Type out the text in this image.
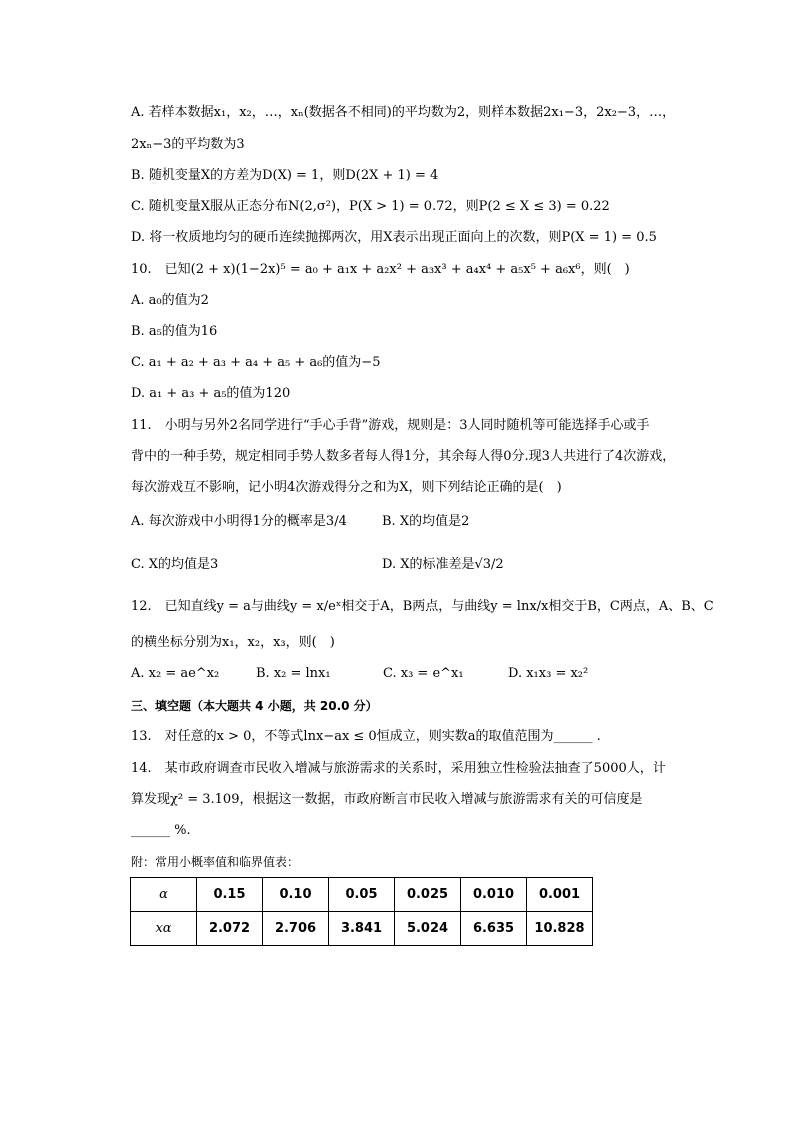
A. 若样本数据x₁，x₂，…，xₙ(数据各不相同)的平均数为2，则样本数据2x₁−3，2x₂−3，…，
2xₙ−3的平均数为3
B. 随机变量X的方差为D(X) = 1，则D(2X + 1) = 4
C. 随机变量X服从正态分布N(2,σ²)，P(X > 1) = 0.72，则P(2 ≤ X ≤ 3) = 0.22
D. 将一枚质地均匀的硬币连续抛掷两次，用X表示出现正面向上的次数，则P(X = 1) = 0.5
10.　已知(2 + x)(1−2x)⁵ = a₀ + a₁x + a₂x² + a₃x³ + a₄x⁴ + a₅x⁵ + a₆x⁶，则(　)
A. a₀的值为2
B. a₅的值为16
C. a₁ + a₂ + a₃ + a₄ + a₅ + a₆的值为−5
D. a₁ + a₃ + a₅的值为120
11.　小明与另外2名同学进行“手心手背”游戏，规则是：3人同时随机等可能选择手心或手
背中的一种手势，规定相同手势人数多者每人得1分，其余每人得0分.现3人共进行了4次游戏，
每次游戏互不影响，记小明4次游戏得分之和为X，则下列结论正确的是(　)
A. 每次游戏中小明得1分的概率是3/4	B. X的均值是2
C. X的均值是3	D. X的标准差是√3/2
12.　已知直线y = a与曲线y = x/eˣ相交于A，B两点，与曲线y = lnx/x相交于B，C两点，A、B、C
的横坐标分别为x₁，x₂，x₃，则(　)
A. x₂ = ae^x₂	B. x₂ = lnx₁	C. x₃ = e^x₁	D. x₁x₃ = x₂²
三、填空题（本大题共 4 小题，共 20.0 分）
13.　对任意的x > 0，不等式lnx−ax ≤ 0恒成立，则实数a的取值范围为______ .
14.　某市政府调查市民收入增减与旅游需求的关系时，采用独立性检验法抽查了5000人，计
算发现χ² = 3.109，根据这一数据，市政府断言市民收入增减与旅游需求有关的可信度是
______ %.
附：常用小概率值和临界值表：
α	0.15	0.10	0.05	0.025	0.010	0.001
xα	2.072	2.706	3.841	5.024	6.635	10.828
